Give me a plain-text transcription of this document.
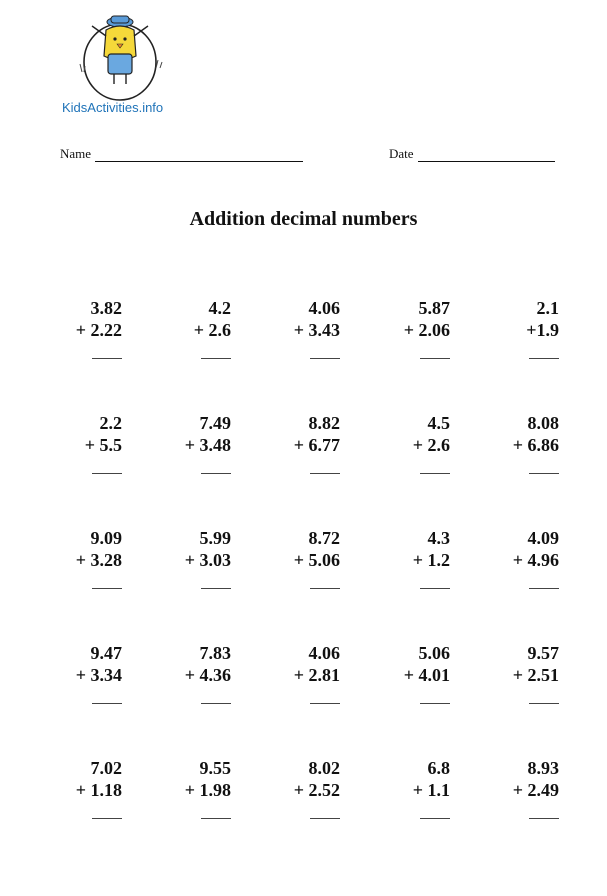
KidsActivities.info
Name	Date
Addition decimal numbers
3.82
+ 2.22
4.2
+ 2.6
4.06
+ 3.43
5.87
+ 2.06
2.1
+1.9
2.2
+ 5.5
7.49
+ 3.48
8.82
+ 6.77
4.5
+ 2.6
8.08
+ 6.86
9.09
+ 3.28
5.99
+ 3.03
8.72
+ 5.06
4.3
+ 1.2
4.09
+ 4.96
9.47
+ 3.34
7.83
+ 4.36
4.06
+ 2.81
5.06
+ 4.01
9.57
+ 2.51
7.02
+ 1.18
9.55
+ 1.98
8.02
+ 2.52
6.8
+ 1.1
8.93
+ 2.49
